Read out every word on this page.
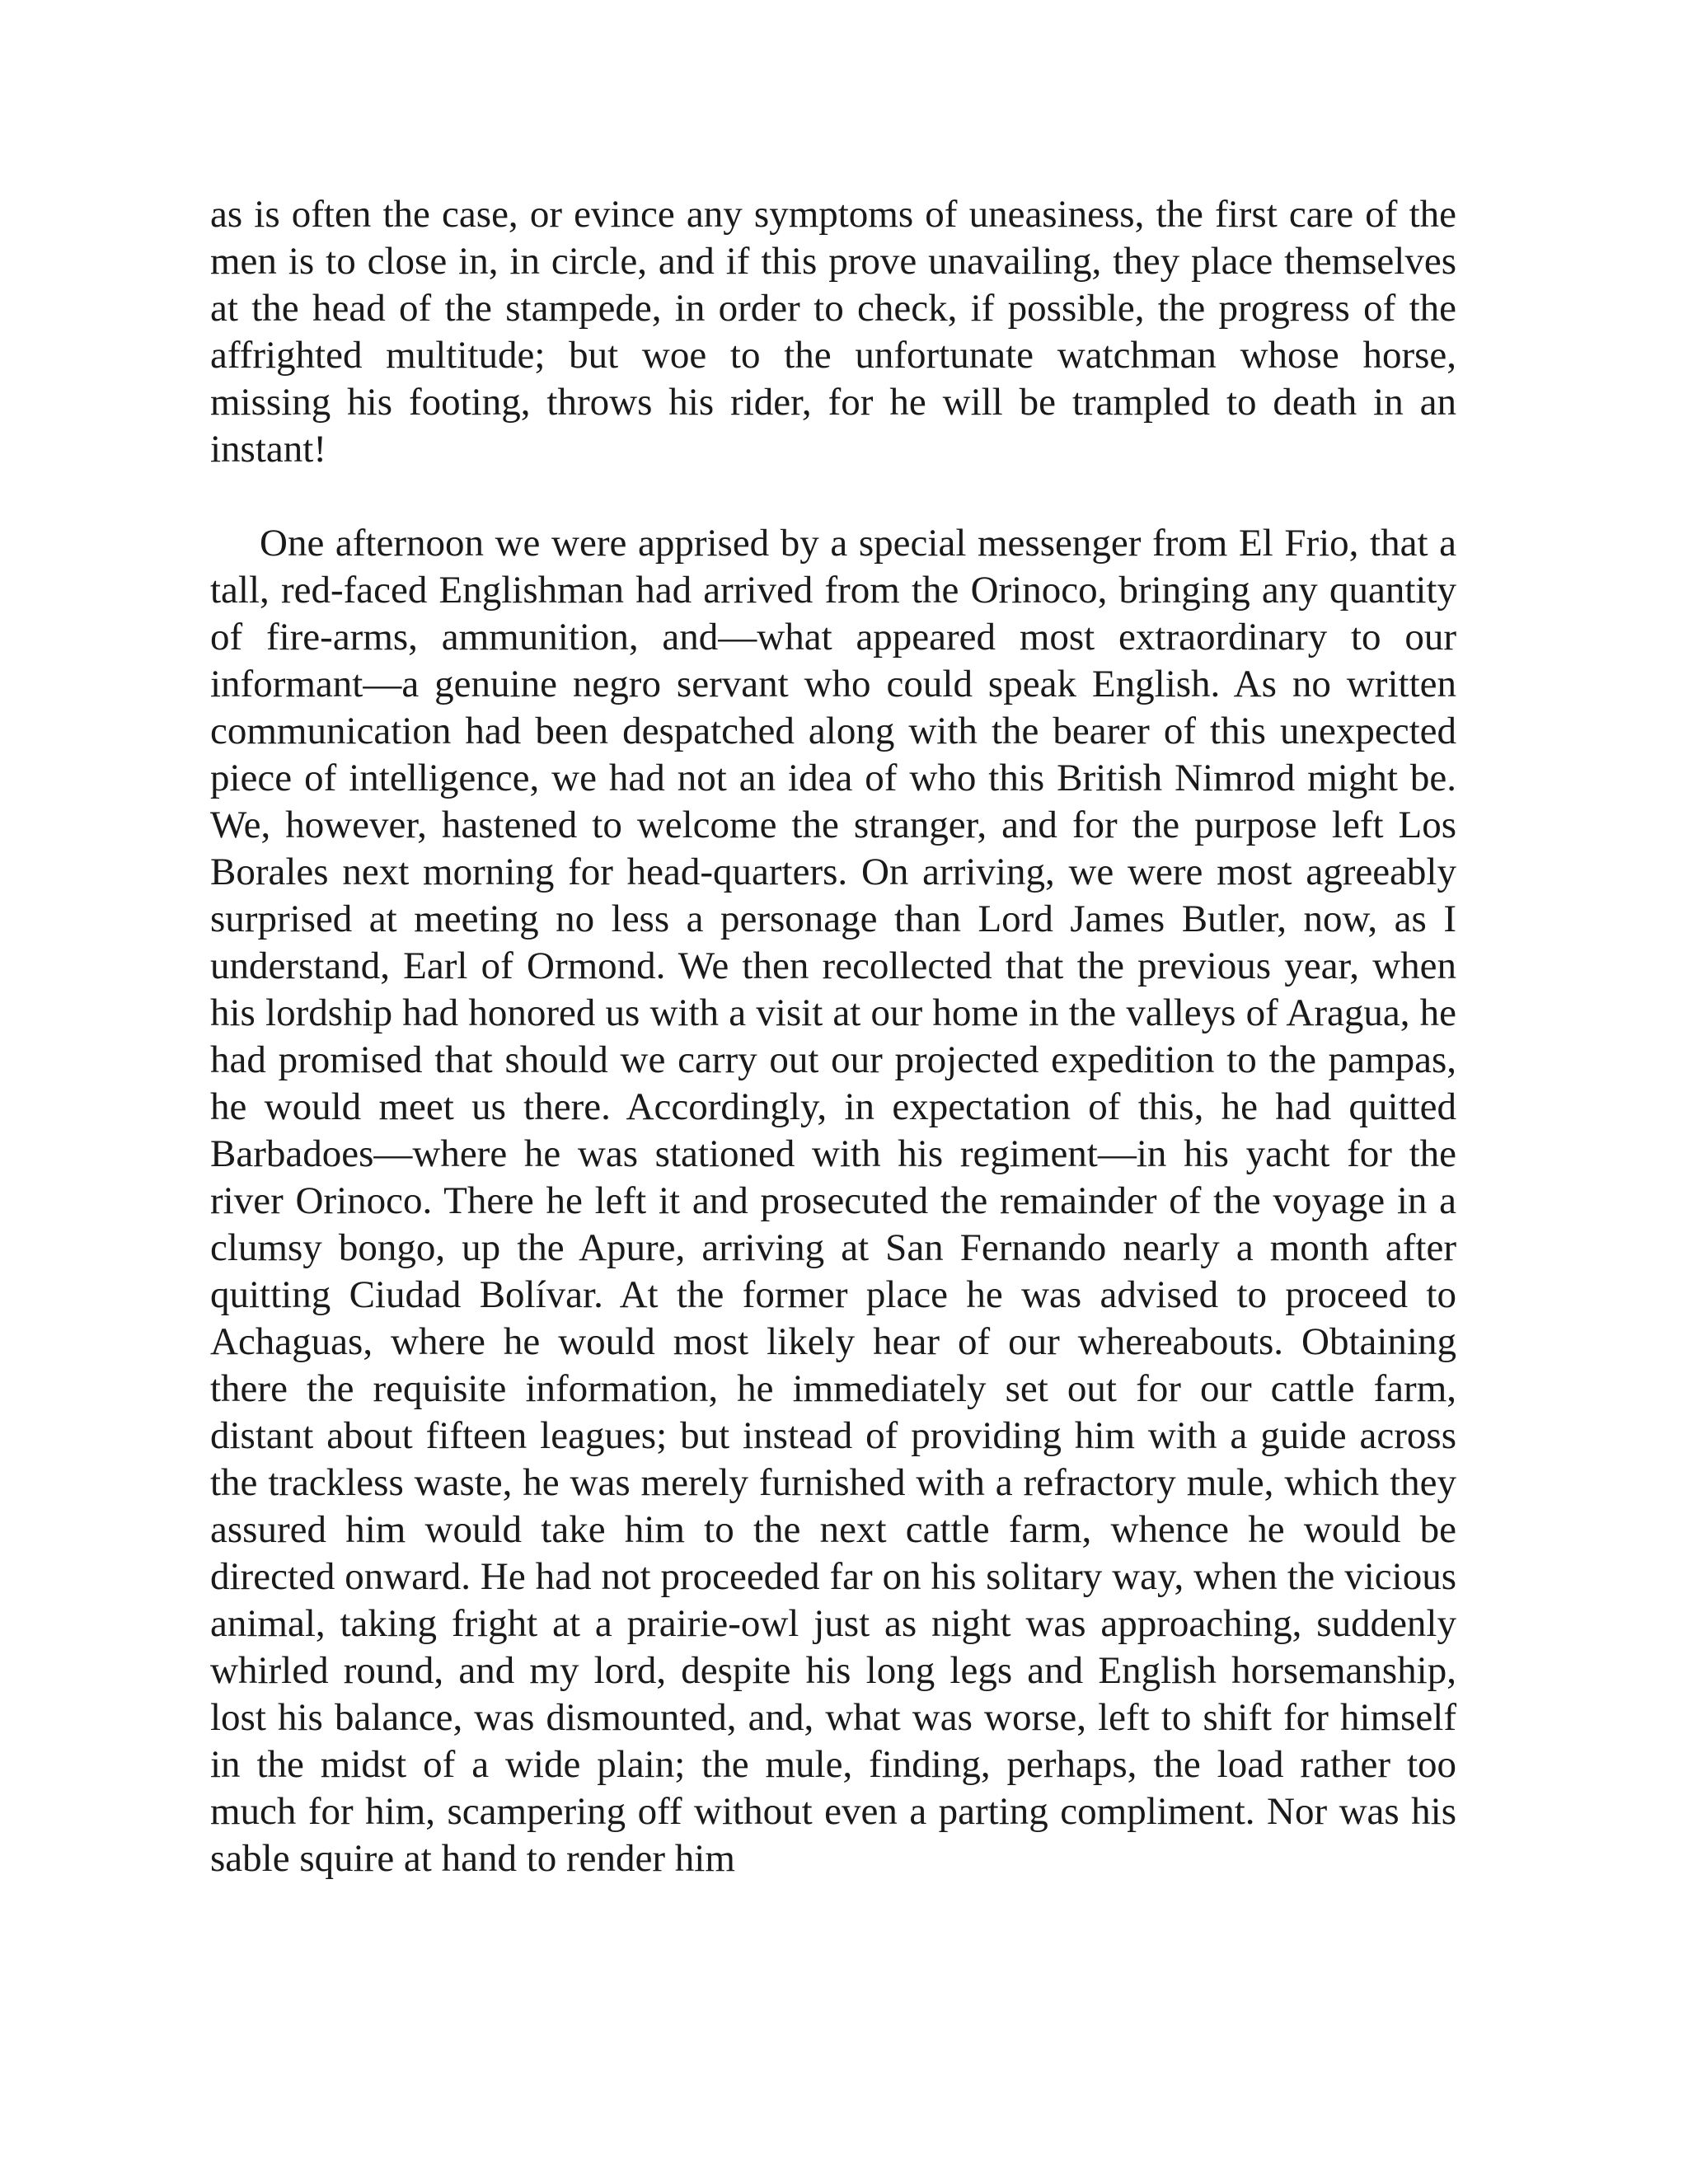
as is often the case, or evince any symptoms of uneasiness, the first care of the men is to close in, in circle, and if this prove unavailing, they place themselves at the head of the stampede, in order to check, if possible, the progress of the affrighted multitude; but woe to the unfortunate watchman whose horse, missing his footing, throws his rider, for he will be trampled to death in an instant!

One afternoon we were apprised by a special messenger from El Frio, that a tall, red-faced Englishman had arrived from the Orinoco, bringing any quantity of fire-arms, ammunition, and—what appeared most extraordinary to our informant—a genuine negro servant who could speak English. As no written communication had been despatched along with the bearer of this unexpected piece of intelligence, we had not an idea of who this British Nimrod might be. We, however, hastened to welcome the stranger, and for the purpose left Los Borales next morning for head-quarters. On arriving, we were most agreeably surprised at meeting no less a personage than Lord James Butler, now, as I understand, Earl of Ormond. We then recollected that the previous year, when his lordship had honored us with a visit at our home in the valleys of Aragua, he had promised that should we carry out our projected expedition to the pampas, he would meet us there. Accordingly, in expectation of this, he had quitted Barbadoes—where he was stationed with his regiment—in his yacht for the river Orinoco. There he left it and prosecuted the remainder of the voyage in a clumsy bongo, up the Apure, arriving at San Fernando nearly a month after quitting Ciudad Bolívar. At the former place he was advised to proceed to Achaguas, where he would most likely hear of our whereabouts. Obtaining there the requisite information, he immediately set out for our cattle farm, distant about fifteen leagues; but instead of providing him with a guide across the trackless waste, he was merely furnished with a refractory mule, which they assured him would take him to the next cattle farm, whence he would be directed onward. He had not proceeded far on his solitary way, when the vicious animal, taking fright at a prairie-owl just as night was approaching, suddenly whirled round, and my lord, despite his long legs and English horsemanship, lost his balance, was dismounted, and, what was worse, left to shift for himself in the midst of a wide plain; the mule, finding, perhaps, the load rather too much for him, scampering off without even a parting compliment. Nor was his sable squire at hand to render him
